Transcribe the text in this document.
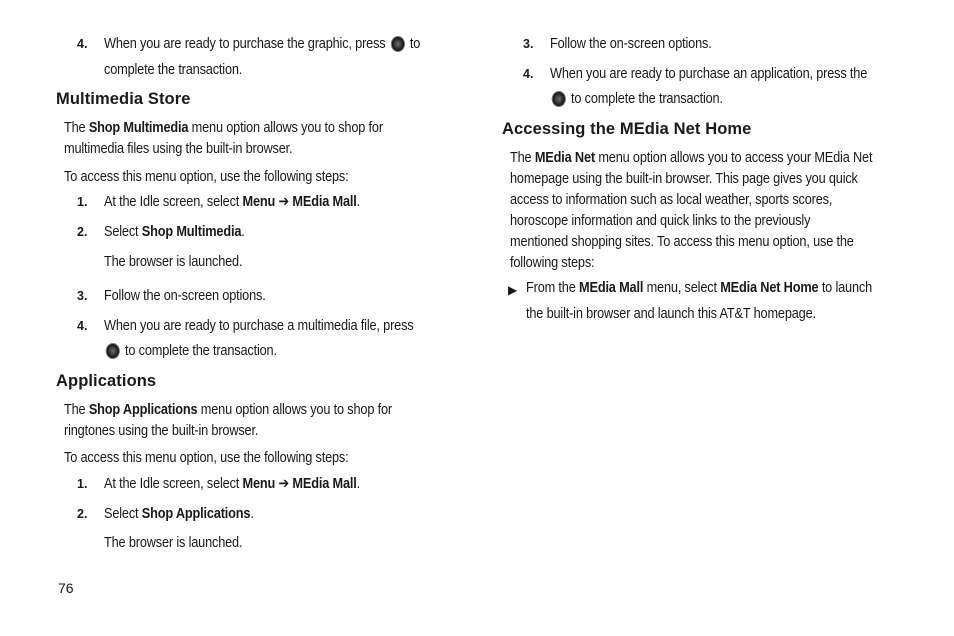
4. When you are ready to purchase the graphic, press to
complete the transaction.
Multimedia Store
The Shop Multimedia menu option allows you to shop for
multimedia files using the built-in browser.
To access this menu option, use the following steps:
1. At the Idle screen, select Menu ➔ MEdia Mall.
2. Select Shop Multimedia.
The browser is launched.
3. Follow the on-screen options.
4. When you are ready to purchase a multimedia file, press
to complete the transaction.
Applications
The Shop Applications menu option allows you to shop for
ringtones using the built-in browser.
To access this menu option, use the following steps:
1. At the Idle screen, select Menu ➔ MEdia Mall.
2. Select Shop Applications.
The browser is launched.
76
3. Follow the on-screen options.
4. When you are ready to purchase an application, press the
to complete the transaction.
Accessing the MEdia Net Home
The MEdia Net menu option allows you to access your MEdia Net
homepage using the built-in browser. This page gives you quick
access to information such as local weather, sports scores,
horoscope information and quick links to the previously
mentioned shopping sites. To access this menu option, use the
following steps:
▶ From the MEdia Mall menu, select MEdia Net Home to launch
the built-in browser and launch this AT&T homepage.
